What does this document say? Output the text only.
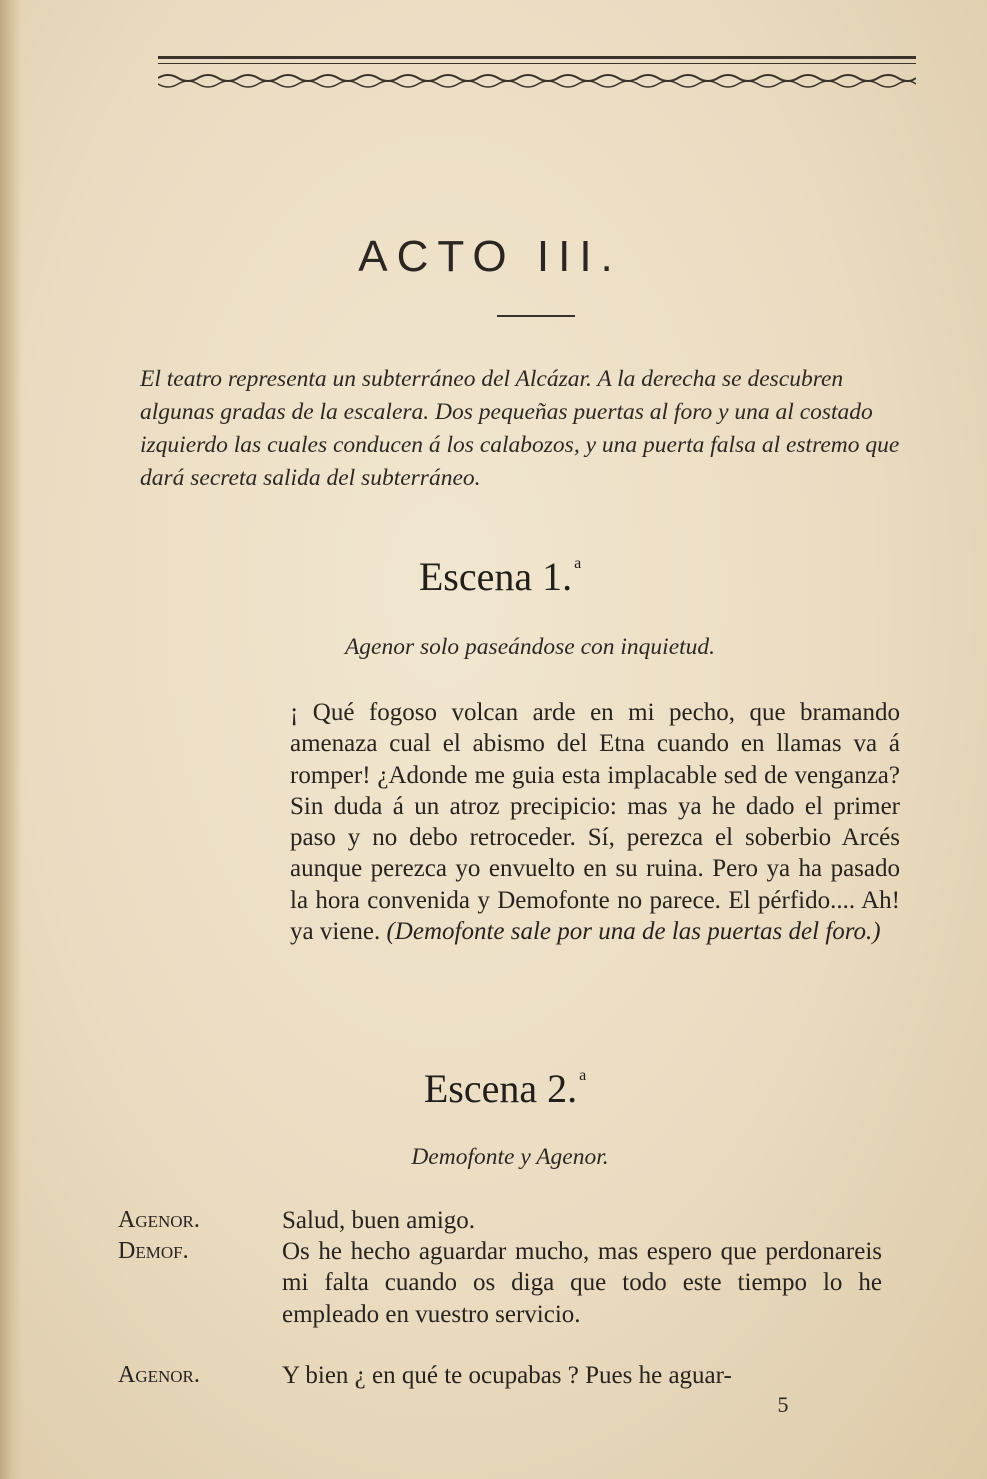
ACTO III.

El teatro representa un subterráneo del Alcázar. A la derecha se descubren algunas gradas de la escalera. Dos pequeñas puertas al foro y una al costado izquierdo las cuales conducen á los calabozos, y una puerta falsa al estremo que dará secreta salida del subterráneo.

Escena 1. $^a$
Agenor solo paseándose con inquietud.
¡ Qué fogoso volcan arde en mi pecho, que bramando amenaza cual el abismo del Etna cuando en llamas va á romper! ¿Adonde me guia esta implacable sed de venganza? Sin duda á un atroz precipicio: mas ya he dado el primer paso y no debo retroceder. Sí, perezca el soberbio Arcés aunque perezca yo envuelto en su ruina. Pero ya ha pasado la hora convenida y Demofonte no parece. El pérfido.... Ah! ya viene. (Demofonte sale por una de las puertas del foro.)
Escena 2. $^a$
Demofonte y Agenor.
Agenor.	Salud, buen amigo.
Demof.	Os he hecho aguardar mucho, mas espero que perdonareis mi falta cuando os diga que todo este tiempo lo he empleado en vuestro servicio.
Agenor.	Y bien ¿ en qué te ocupabas ? Pues he aguar-
5
